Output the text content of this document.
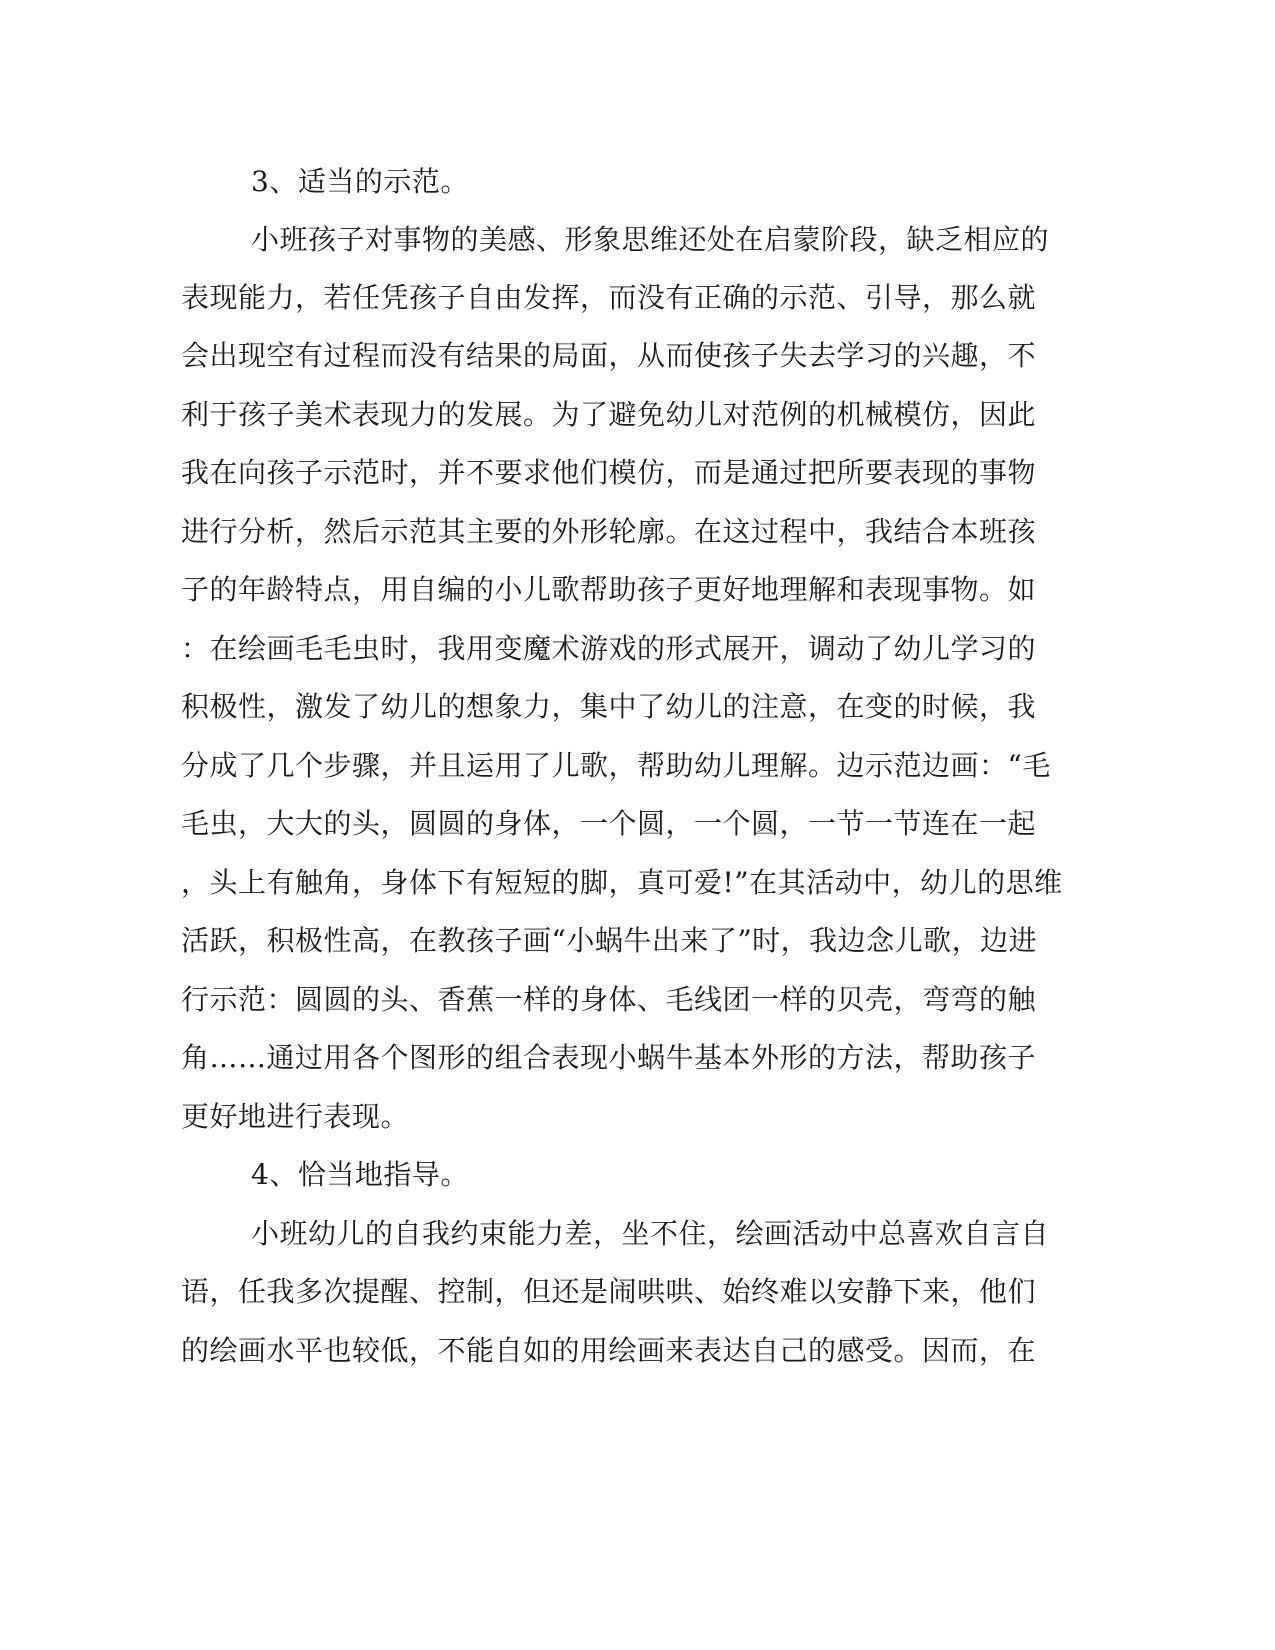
3、适当的示范。
小班孩子对事物的美感、形象思维还处在启蒙阶段，缺乏相应的
表现能力，若任凭孩子自由发挥，而没有正确的示范、引导，那么就
会出现空有过程而没有结果的局面，从而使孩子失去学习的兴趣，不
利于孩子美术表现力的发展。为了避免幼儿对范例的机械模仿，因此
我在向孩子示范时，并不要求他们模仿，而是通过把所要表现的事物
进行分析，然后示范其主要的外形轮廓。在这过程中，我结合本班孩
子的年龄特点，用自编的小儿歌帮助孩子更好地理解和表现事物。如
：在绘画毛毛虫时，我用变魔术游戏的形式展开，调动了幼儿学习的
积极性，激发了幼儿的想象力，集中了幼儿的注意，在变的时候，我
分成了几个步骤，并且运用了儿歌，帮助幼儿理解。边示范边画：“毛
毛虫，大大的头，圆圆的身体，一个圆，一个圆，一节一节连在一起
，头上有触角，身体下有短短的脚，真可爱!”在其活动中，幼儿的思维
活跃，积极性高，在教孩子画“小蜗牛出来了”时，我边念儿歌，边进
行示范：圆圆的头、香蕉一样的身体、毛线团一样的贝壳，弯弯的触
角……通过用各个图形的组合表现小蜗牛基本外形的方法，帮助孩子
更好地进行表现。
4、恰当地指导。
小班幼儿的自我约束能力差，坐不住，绘画活动中总喜欢自言自
语，任我多次提醒、控制，但还是闹哄哄、始终难以安静下来，他们
的绘画水平也较低，不能自如的用绘画来表达自己的感受。因而，在
